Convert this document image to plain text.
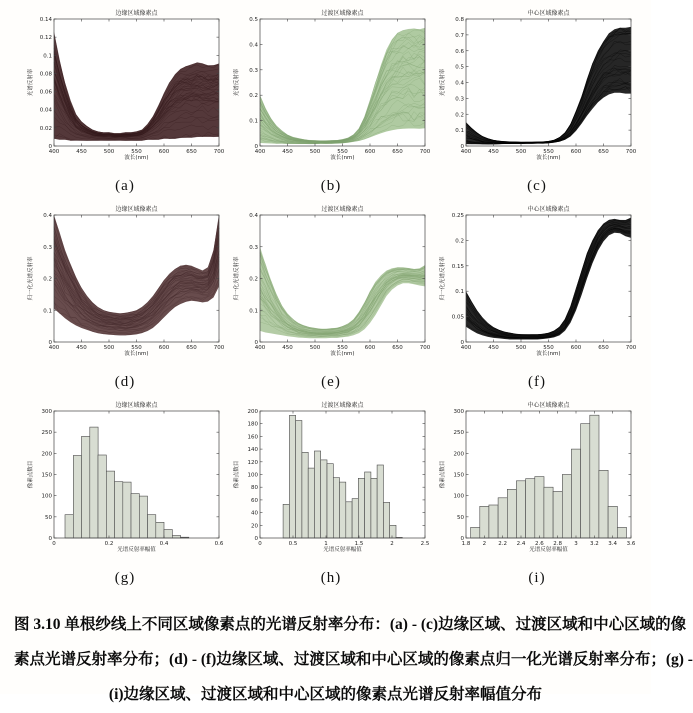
400	450	500	550	600	650	700
0
0.02
0.04
0.06
0.08
0.1
0.12
0.14
边缘区域像素点
波长(nm)
光谱反射率
(a)
400	450	500	550	600	650	700
0
0.1
0.2
0.3
0.4
0.5
过渡区域像素点
波长(nm)
光谱反射率
(b)
400	450	500	550	600	650	700
0
0.1
0.2
0.3
0.4
0.5
0.6
0.7
0.8
中心区域像素点
波长(nm)
光谱反射率
(c)
400	450	500	550	600	650	700
0
0.1
0.2
0.3
0.4
边缘区域像素点
波长(nm)
归一化光谱反射率
(d)
400	450	500	550	600	650	700
0
0.1
0.2
0.3
0.4
过渡区域像素点
波长(nm)
归一化光谱反射率
(e)
400	450	500	550	600	650	700
0
0.05
0.1
0.15
0.2
0.25
中心区域像素点
波长(nm)
归一化光谱反射率
(f)
0	0.2	0.4	0.6
0
50
100
150
200
250
300
边缘区域像素点
光谱反射率幅值
像素点数目
(g)
0	0.5	1	1.5	2	2.5
0
20
40
60
80
100
120
140
160
180
200
过渡区域像素点
光谱反射率幅值
像素点数目
(h)
1.8 2 2.2 2.4 2.6 2.8 3 3.2 3.4 3.6
0
50
100
150
200
250
300
中心区域像素点
光谱反射率幅值
像素点数目
(i)
图 3.10 单根纱线上不同区域像素点的光谱反射率分布：(a) - (c)边缘区域、过渡区域和中心区域的像
素点光谱反射率分布；(d) - (f)边缘区域、过渡区域和中心区域的像素点归一化光谱反射率分布；(g) -
(i)边缘区域、过渡区域和中心区域的像素点光谱反射率幅值分布
